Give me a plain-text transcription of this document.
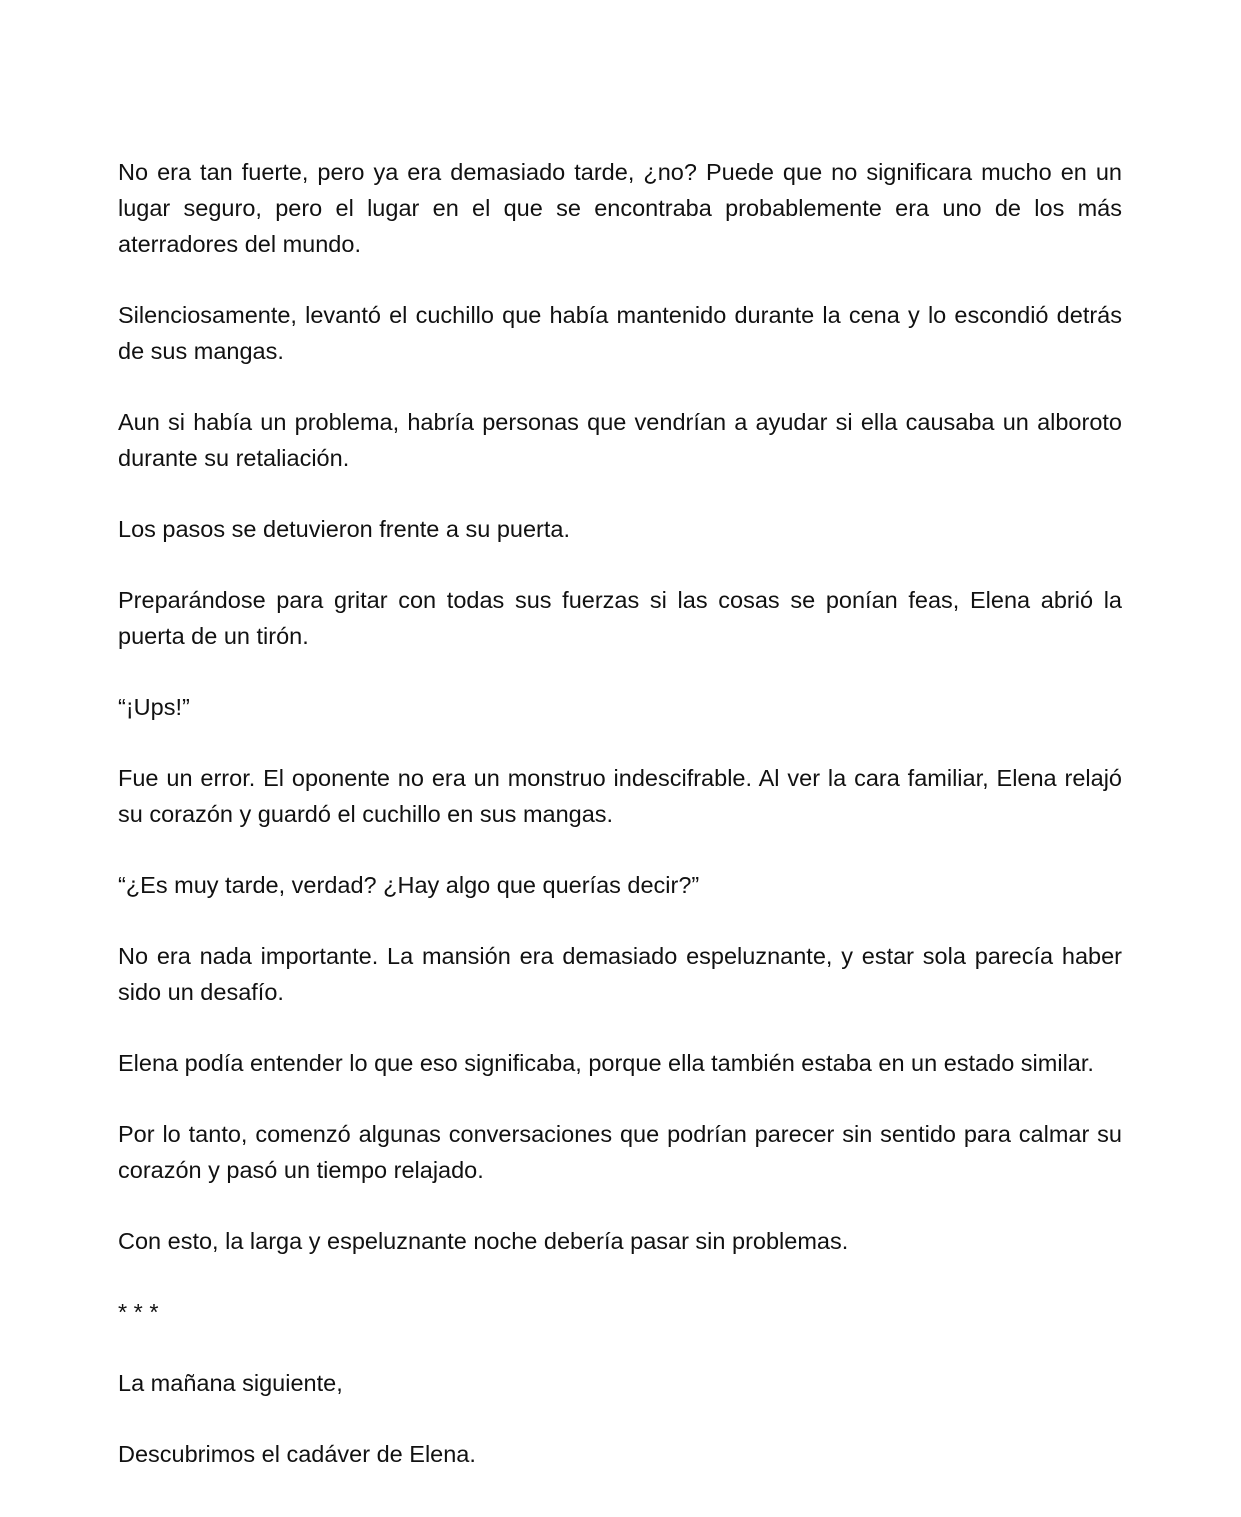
No era tan fuerte, pero ya era demasiado tarde, ¿no? Puede que no significara mucho en un lugar seguro, pero el lugar en el que se encontraba probablemente era uno de los más aterradores del mundo.

Silenciosamente, levantó el cuchillo que había mantenido durante la cena y lo escondió detrás de sus mangas.

Aun si había un problema, habría personas que vendrían a ayudar si ella causaba un alboroto durante su retaliación.

Los pasos se detuvieron frente a su puerta.

Preparándose para gritar con todas sus fuerzas si las cosas se ponían feas, Elena abrió la puerta de un tirón.

“¡Ups!”

Fue un error. El oponente no era un monstruo indescifrable. Al ver la cara familiar, Elena relajó su corazón y guardó el cuchillo en sus mangas.

“¿Es muy tarde, verdad? ¿Hay algo que querías decir?”

No era nada importante. La mansión era demasiado espeluznante, y estar sola parecía haber sido un desafío.

Elena podía entender lo que eso significaba, porque ella también estaba en un estado similar.

Por lo tanto, comenzó algunas conversaciones que podrían parecer sin sentido para calmar su corazón y pasó un tiempo relajado.

Con esto, la larga y espeluznante noche debería pasar sin problemas.

* * *

La mañana siguiente,

Descubrimos el cadáver de Elena.
